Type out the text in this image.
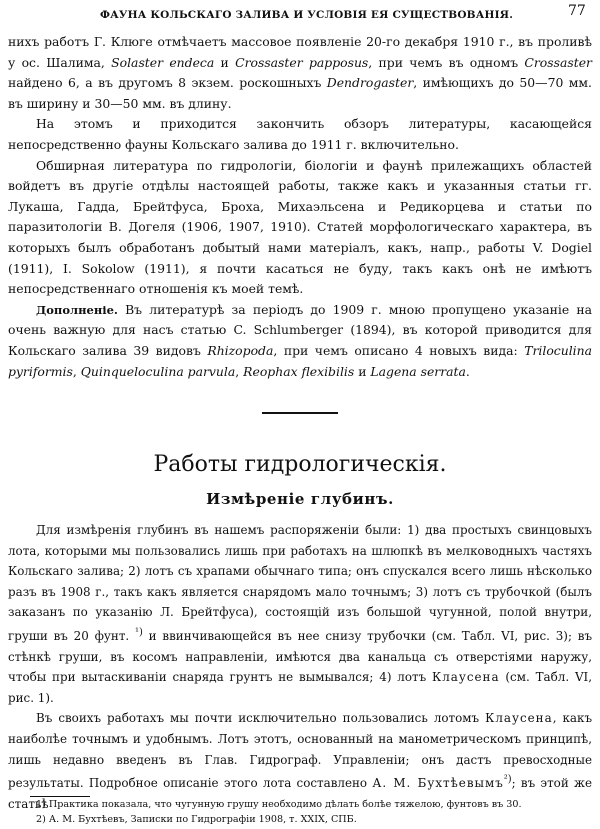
ФАУНА КОЛЬСКАГО ЗАЛИВА И УСЛОВІЯ ЕЯ СУЩЕСТВОВАНІЯ.	77

ниxъ работъ Г. Клюге отмѣчаетъ массовое появленіе 20-го декабря 1910 г., въ проливѣ у ос. Шалима, Solaster endeca и Crossaster papposus, при чемъ въ одномъ Crossaster найдено 6, а въ другомъ 8 экзем. роскошныхъ Dendrogaster, имѣющихъ до 50—70 мм. въ ширину и 30—50 мм. въ длину.

На этомъ и приходится закончить обзоръ литературы, касающейся непосредственно фауны Кольскаго залива до 1911 г. включительно.

Обширная литература по гидрологіи, біологіи и фаунѣ прилежащихъ областей войдетъ въ другіе отдѣлы настоящей работы, также какъ и указанныя статьи гг. Лукаша, Гадда, Брейтфуса, Броха, Михаэльсена и Редикорцева и статьи по паразитологіи В. Догеля (1906, 1907, 1910). Статей морфологическаго характера, въ которыхъ былъ обработанъ добытый нами матеріалъ, какъ, напр., работы V. Dogiel (1911), I. Sokolow (1911), я почти касаться не буду, такъ какъ онѣ не имѣютъ непосредственнаго отношенія къ моей темѣ.

Дополненіе. Въ литературѣ за періодъ до 1909 г. мною пропущено указаніе на очень важную для насъ статью C. Schlumberger (1894), въ которой приводится для Кольскаго залива 39 видовъ Rhizopoda, при чемъ описано 4 новыхъ вида: Triloculina pyriformis, Quinqueloculina parvula, Reophax flexibilis и Lagena serrata.

Работы гидрологическія.
Измѣреніе глубинъ.

Для измѣренія глубинъ въ нашемъ распоряженіи были: 1) два простыхъ свинцовыхъ лота, которыми мы пользовались лишь при работахъ на шлюпкѣ въ мелководныхъ частяхъ Кольскаго залива; 2) лотъ съ храпами обычнаго типа; онъ спускался всего лишь нѣсколько разъ въ 1908 г., такъ какъ является снарядомъ мало точнымъ; 3) лотъ съ трубочкой (былъ заказанъ по указанію Л. Брейтфуса), состоящій изъ большой чугунной, полой внутри, груши въ 20 фунт. $^{^1)}$ и ввинчивающейся въ нее снизу трубочки (см. Табл. VI, рис. 3); въ стѣнкѣ груши, въ косомъ направленіи, имѣются два канальца съ отверстіями наружу, чтобы при вытаскиваніи снаряда грунтъ не вымывался; 4) лотъ Клаусена (см. Табл. VI, рис. 1).

Въ своихъ работахъ мы почти исключительно пользовались лотомъ Клаусена, какъ наиболѣе точнымъ и удобнымъ. Лотъ этотъ, основанный на манометрическомъ принципѣ, лишь недавно введенъ въ Глав. Гидрограф. Управленіи; онъ дастъ превосходные результаты. Подробное описаніе этого лота составлено А. М. Бухтѣевымъ$^{^2)}$; въ этой же статьѣ

1) Практика показала, что чугунную грушу необходимо дѣлать болѣе тяжелою, фунтовъ въ 30.

2) А. М. Бухтѣевъ, Записки по Гидрографіи 1908, т. XXIX, СПБ.
